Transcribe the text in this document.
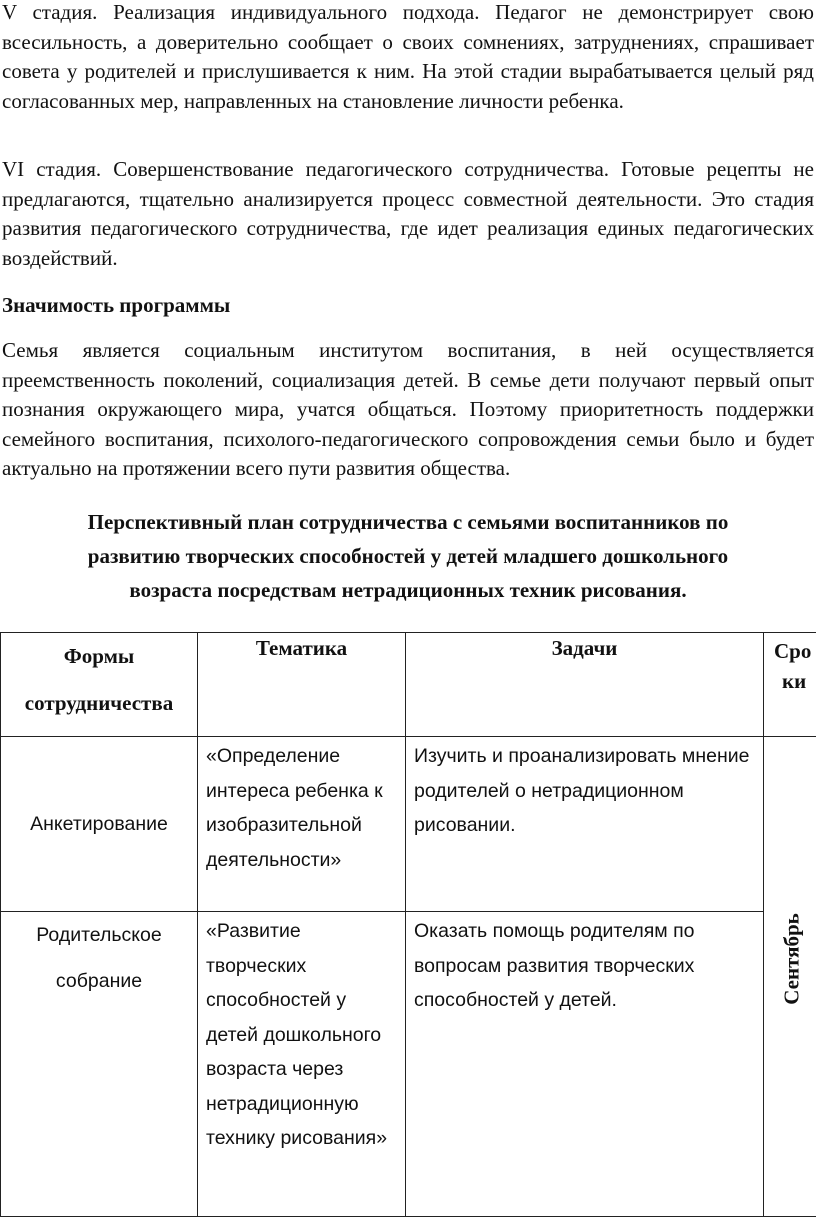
V стадия. Реализация индивидуального подхода. Педагог не демонстрирует свою всесильность, а доверительно сообщает о своих сомнениях, затруднениях, спрашивает совета у родителей и прислушивается к ним. На этой стадии вырабатывается целый ряд согласованных мер, направленных на становление личности ребенка.

VI стадия. Совершенствование педагогического сотрудничества. Готовые рецепты не предлагаются, тщательно анализируется процесс совместной деятельности. Это стадия развития педагогического сотрудничества, где идет реализация единых педагогических воздействий.

Значимость программы

Семья является социальным институтом воспитания, в ней осуществляется преемственность поколений, социализация детей. В семье дети получают первый опыт познания окружающего мира, учатся общаться. Поэтому приоритетность поддержки семейного воспитания, психолого-педагогического сопровождения семьи было и будет актуально на протяжении всего пути развития общества.

Перспективный план сотрудничества с семьями воспитанников по
развитию творческих способностей у детей младшего дошкольного
возраста посредствам нетрадиционных техник рисования.
Формы
сотрудничества	Тематика	Задачи	Сро
ки
Анкетирование	«Определение интереса ребенка к изобразительной деятельности»	Изучить и проанализировать мнение родителей о нетрадиционном рисовании.	Сентябрь

Родительское
собрание	«Развитие творческих способностей у детей дошкольного возраста через нетрадиционную технику рисования»	Оказать помощь родителям по вопросам развития творческих способностей у детей.	
